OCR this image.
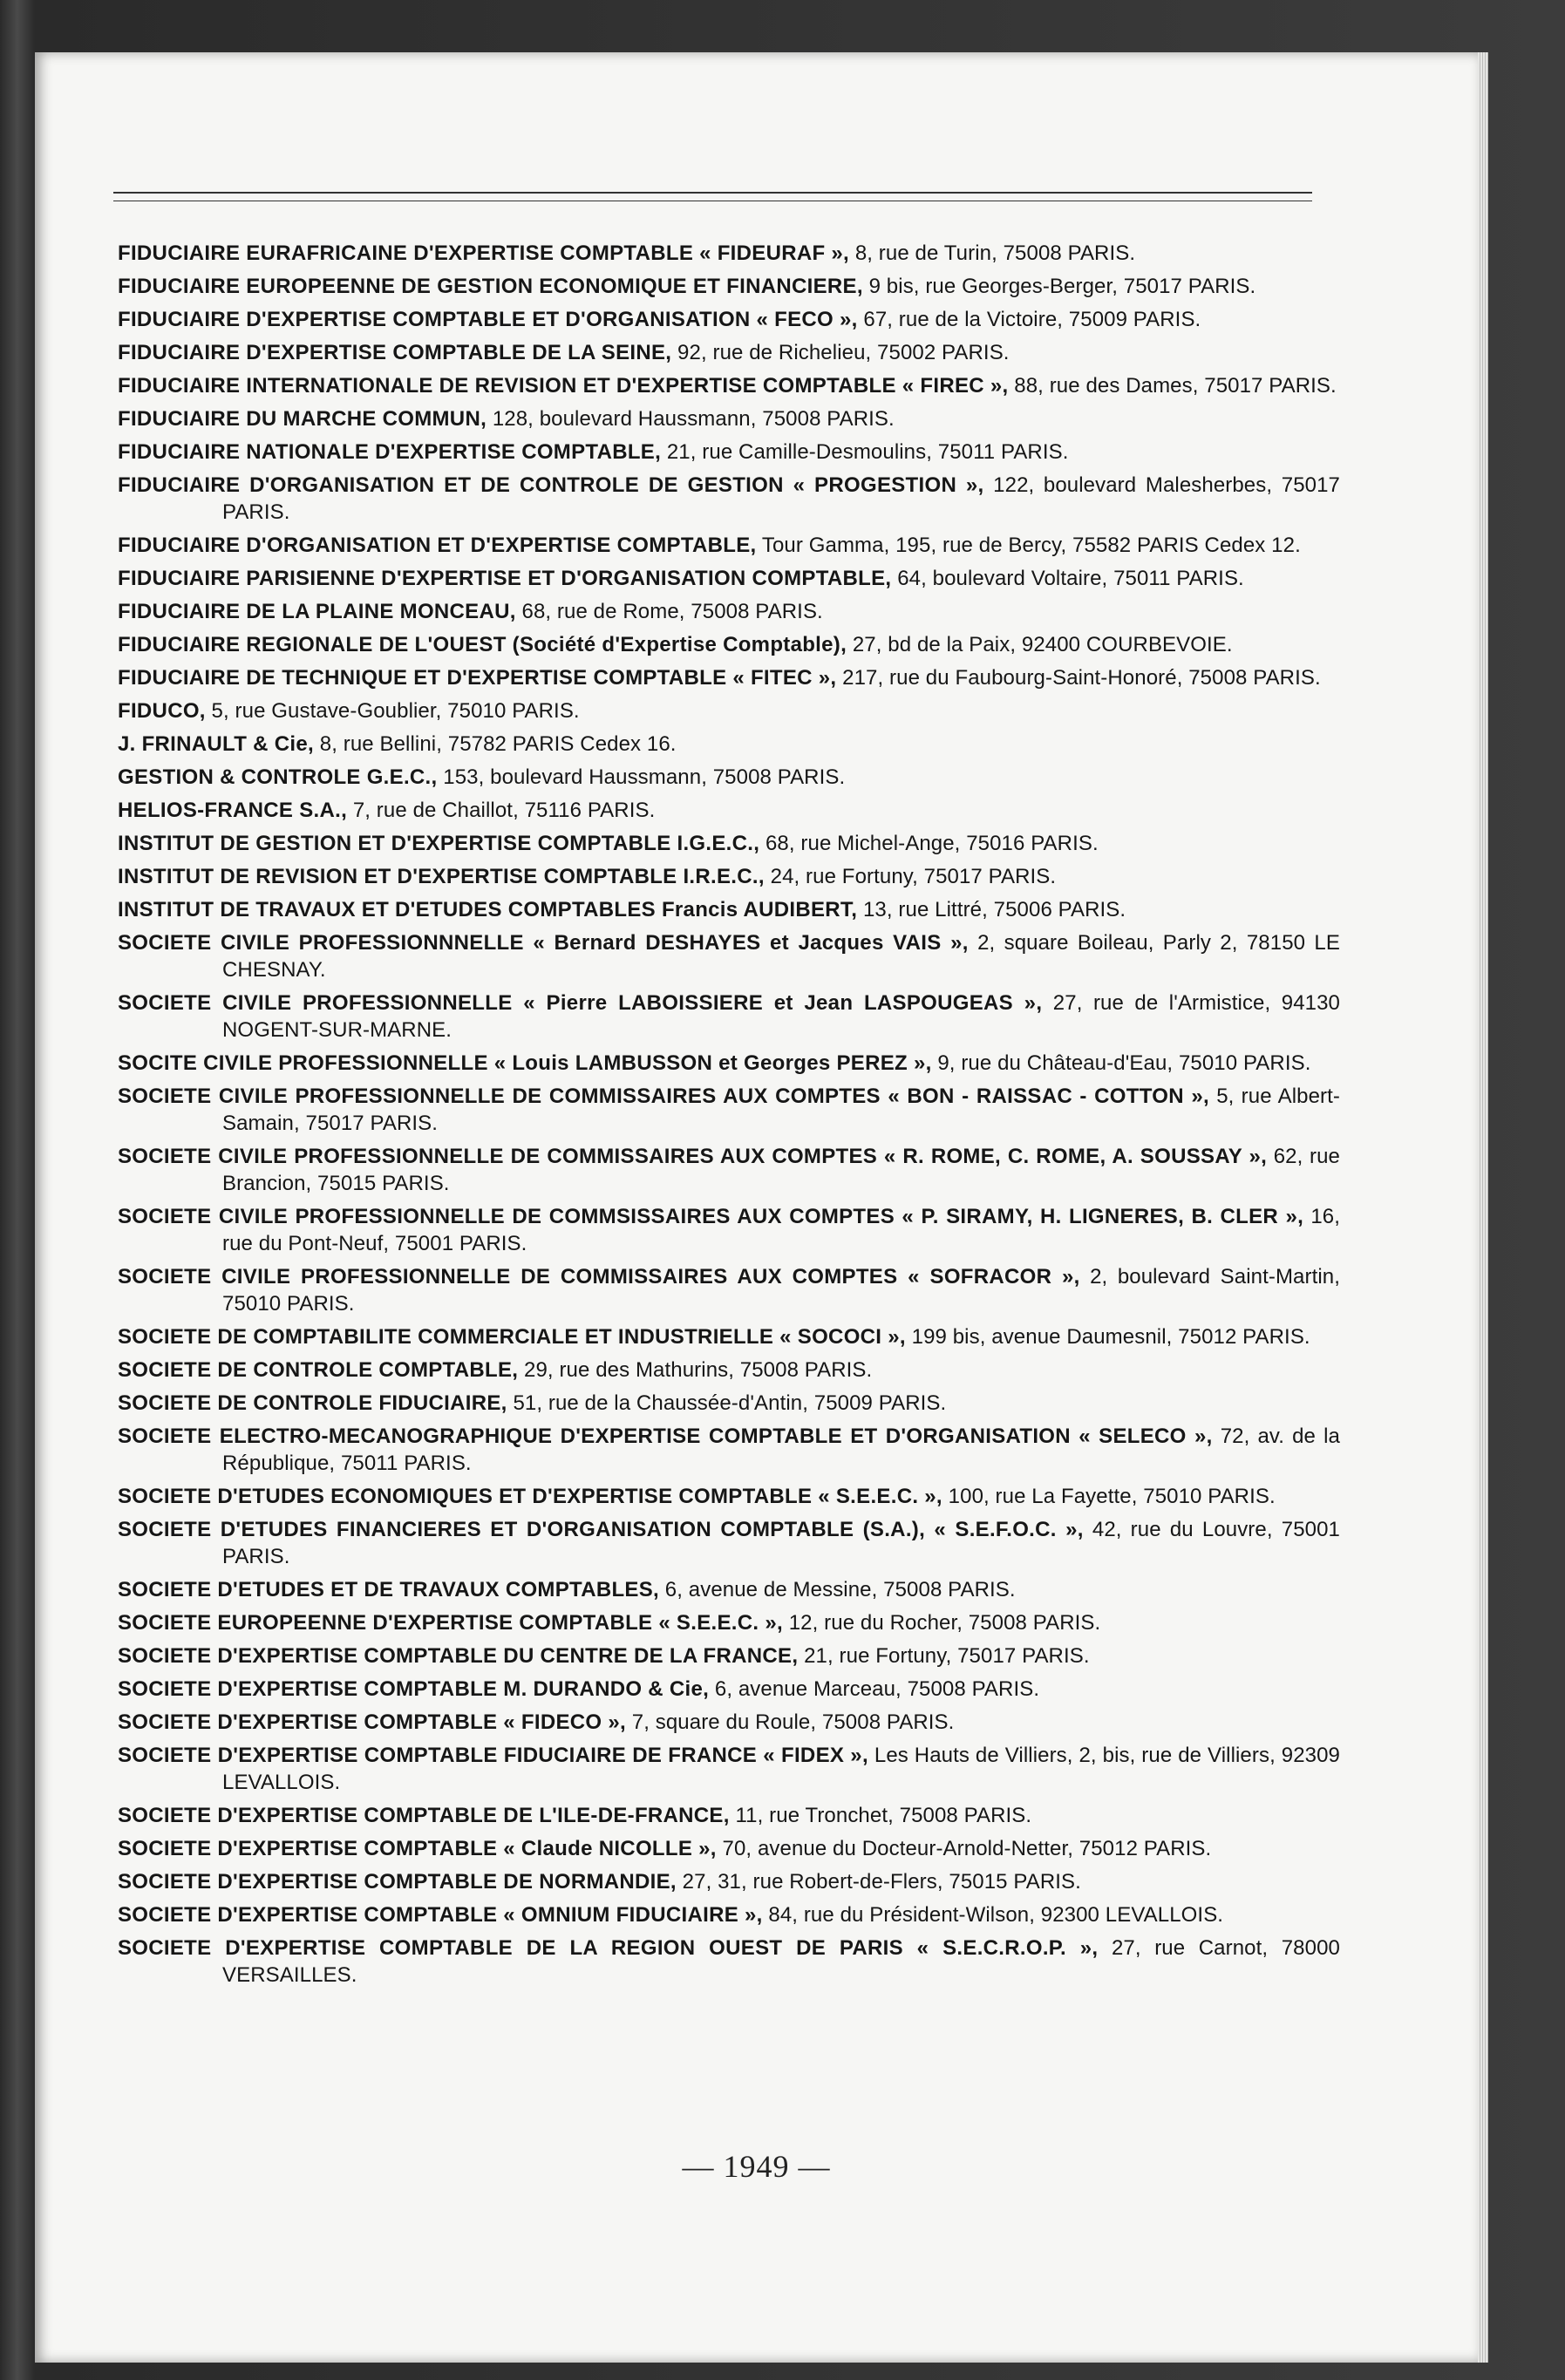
FIDUCIAIRE EURAFRICAINE D'EXPERTISE COMPTABLE « FIDEURAF », 8, rue de Turin, 75008 PARIS.
FIDUCIAIRE EUROPEENNE DE GESTION ECONOMIQUE ET FINANCIERE, 9 bis, rue Georges-Berger, 75017 PARIS.
FIDUCIAIRE D'EXPERTISE COMPTABLE ET D'ORGANISATION « FECO », 67, rue de la Victoire, 75009 PARIS.
FIDUCIAIRE D'EXPERTISE COMPTABLE DE LA SEINE, 92, rue de Richelieu, 75002 PARIS.
FIDUCIAIRE INTERNATIONALE DE REVISION ET D'EXPERTISE COMPTABLE « FIREC », 88, rue des Dames, 75017 PARIS.
FIDUCIAIRE DU MARCHE COMMUN, 128, boulevard Haussmann, 75008 PARIS.
FIDUCIAIRE NATIONALE D'EXPERTISE COMPTABLE, 21, rue Camille-Desmoulins, 75011 PARIS.
FIDUCIAIRE D'ORGANISATION ET DE CONTROLE DE GESTION « PROGESTION », 122, boulevard Malesherbes, 75017 PARIS.
FIDUCIAIRE D'ORGANISATION ET D'EXPERTISE COMPTABLE, Tour Gamma, 195, rue de Bercy, 75582 PARIS Cedex 12.
FIDUCIAIRE PARISIENNE D'EXPERTISE ET D'ORGANISATION COMPTABLE, 64, boulevard Voltaire, 75011 PARIS.
FIDUCIAIRE DE LA PLAINE MONCEAU, 68, rue de Rome, 75008 PARIS.
FIDUCIAIRE REGIONALE DE L'OUEST (Société d'Expertise Comptable), 27, bd de la Paix, 92400 COURBEVOIE.
FIDUCIAIRE DE TECHNIQUE ET D'EXPERTISE COMPTABLE « FITEC », 217, rue du Faubourg-Saint-Honoré, 75008 PARIS.
FIDUCO, 5, rue Gustave-Goublier, 75010 PARIS.
J. FRINAULT & Cie, 8, rue Bellini, 75782 PARIS Cedex 16.
GESTION & CONTROLE G.E.C., 153, boulevard Haussmann, 75008 PARIS.
HELIOS-FRANCE S.A., 7, rue de Chaillot, 75116 PARIS.
INSTITUT DE GESTION ET D'EXPERTISE COMPTABLE I.G.E.C., 68, rue Michel-Ange, 75016 PARIS.
INSTITUT DE REVISION ET D'EXPERTISE COMPTABLE I.R.E.C., 24, rue Fortuny, 75017 PARIS.
INSTITUT DE TRAVAUX ET D'ETUDES COMPTABLES Francis AUDIBERT, 13, rue Littré, 75006 PARIS.
SOCIETE CIVILE PROFESSIONNNELLE « Bernard DESHAYES et Jacques VAIS », 2, square Boileau, Parly 2, 78150 LE CHESNAY.
SOCIETE CIVILE PROFESSIONNELLE « Pierre LABOISSIERE et Jean LASPOUGEAS », 27, rue de l'Armistice, 94130 NOGENT-SUR-MARNE.
SOCITE CIVILE PROFESSIONNELLE « Louis LAMBUSSON et Georges PEREZ », 9, rue du Château-d'Eau, 75010 PARIS.
SOCIETE CIVILE PROFESSIONNELLE DE COMMISSAIRES AUX COMPTES « BON - RAISSAC - COTTON », 5, rue Albert-Samain, 75017 PARIS.
SOCIETE CIVILE PROFESSIONNELLE DE COMMISSAIRES AUX COMPTES « R. ROME, C. ROME, A. SOUSSAY », 62, rue Brancion, 75015 PARIS.
SOCIETE CIVILE PROFESSIONNELLE DE COMMSISSAIRES AUX COMPTES « P. SIRAMY, H. LIGNERES, B. CLER », 16, rue du Pont-Neuf, 75001 PARIS.
SOCIETE CIVILE PROFESSIONNELLE DE COMMISSAIRES AUX COMPTES « SOFRACOR », 2, boulevard Saint-Martin, 75010 PARIS.
SOCIETE DE COMPTABILITE COMMERCIALE ET INDUSTRIELLE « SOCOCI », 199 bis, avenue Daumesnil, 75012 PARIS.
SOCIETE DE CONTROLE COMPTABLE, 29, rue des Mathurins, 75008 PARIS.
SOCIETE DE CONTROLE FIDUCIAIRE, 51, rue de la Chaussée-d'Antin, 75009 PARIS.
SOCIETE ELECTRO-MECANOGRAPHIQUE D'EXPERTISE COMPTABLE ET D'ORGANISATION « SELECO », 72, av. de la République, 75011 PARIS.
SOCIETE D'ETUDES ECONOMIQUES ET D'EXPERTISE COMPTABLE « S.E.E.C. », 100, rue La Fayette, 75010 PARIS.
SOCIETE D'ETUDES FINANCIERES ET D'ORGANISATION COMPTABLE (S.A.), « S.E.F.O.C. », 42, rue du Louvre, 75001 PARIS.
SOCIETE D'ETUDES ET DE TRAVAUX COMPTABLES, 6, avenue de Messine, 75008 PARIS.
SOCIETE EUROPEENNE D'EXPERTISE COMPTABLE « S.E.E.C. », 12, rue du Rocher, 75008 PARIS.
SOCIETE D'EXPERTISE COMPTABLE DU CENTRE DE LA FRANCE, 21, rue Fortuny, 75017 PARIS.
SOCIETE D'EXPERTISE COMPTABLE M. DURANDO & Cie, 6, avenue Marceau, 75008 PARIS.
SOCIETE D'EXPERTISE COMPTABLE « FIDECO », 7, square du Roule, 75008 PARIS.
SOCIETE D'EXPERTISE COMPTABLE FIDUCIAIRE DE FRANCE « FIDEX », Les Hauts de Villiers, 2, bis, rue de Villiers, 92309 LEVALLOIS.
SOCIETE D'EXPERTISE COMPTABLE DE L'ILE-DE-FRANCE, 11, rue Tronchet, 75008 PARIS.
SOCIETE D'EXPERTISE COMPTABLE « Claude NICOLLE », 70, avenue du Docteur-Arnold-Netter, 75012 PARIS.
SOCIETE D'EXPERTISE COMPTABLE DE NORMANDIE, 27, 31, rue Robert-de-Flers, 75015 PARIS.
SOCIETE D'EXPERTISE COMPTABLE « OMNIUM FIDUCIAIRE », 84, rue du Président-Wilson, 92300 LEVALLOIS.
SOCIETE D'EXPERTISE COMPTABLE DE LA REGION OUEST DE PARIS « S.E.C.R.O.P. », 27, rue Carnot, 78000 VERSAILLES.
— 1949 —
